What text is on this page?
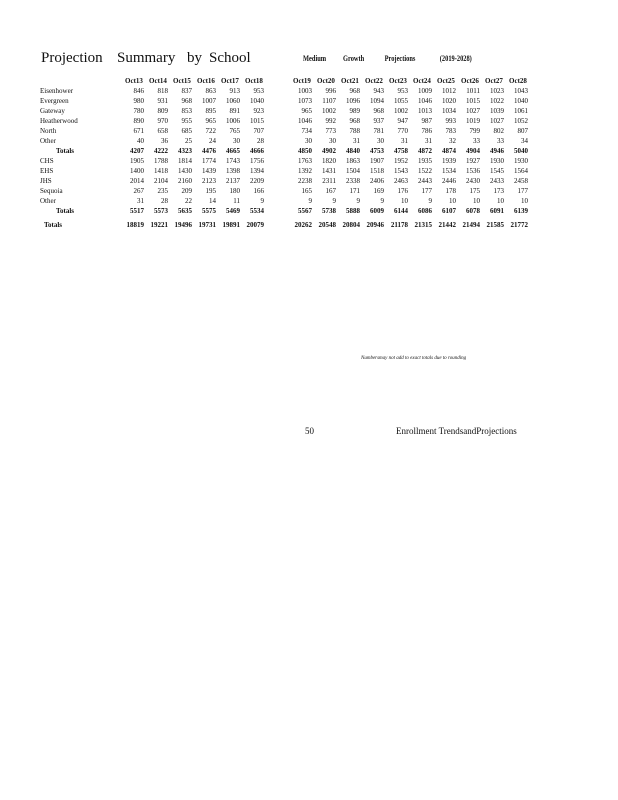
Projection Summary by School	Medium Growth	Projections	(2019-2028)
	Oct13	Oct14	Oct15	Oct16	Oct17	Oct18		Oct19	Oct20	Oct21	Oct22	Oct23	Oct24	Oct25	Oct26	Oct27	Oct28
Eisenhower	846	818	837	863	913	953		1003	996	968	943	953	1009	1012	1011	1023	1043
Evergreen	980	931	968	1007	1060	1040		1073	1107	1096	1094	1055	1046	1020	1015	1022	1040
Gateway	780	809	853	895	891	923		965	1002	989	968	1002	1013	1034	1027	1039	1061
Heatherwood	890	970	955	965	1006	1015		1046	992	968	937	947	987	993	1019	1027	1052
North	671	658	685	722	765	707		734	773	788	781	770	786	783	799	802	807
Other	40	36	25	24	30	28		30	30	31	30	31	31	32	33	33	34
Totals	4207	4222	4323	4476	4665	4666		4850	4902	4840	4753	4758	4872	4874	4904	4946	5040
CHS	1905	1788	1814	1774	1743	1756		1763	1820	1863	1907	1952	1935	1939	1927	1930	1930
EHS	1400	1418	1430	1439	1398	1394		1392	1431	1504	1518	1543	1522	1534	1536	1545	1564
JHS	2014	2104	2160	2123	2137	2209		2238	2311	2338	2406	2463	2443	2446	2430	2433	2458
Sequoia	267	235	209	195	180	166		165	167	171	169	176	177	178	175	173	177
Other	31	28	22	14	11	9		9	9	9	9	10	9	10	10	10	10
Totals	5517	5573	5635	5575	5469	5534		5567	5738	5888	6009	6144	6086	6107	6078	6091	6139
Totals	18819	19221	19496	19731	19891	20079		20262	20548	20804	20946	21178	21315	21442	21494	21585	21772
Numbersmay not add to exact totals due to rounding
50	Enrollment TrendsandProjections
